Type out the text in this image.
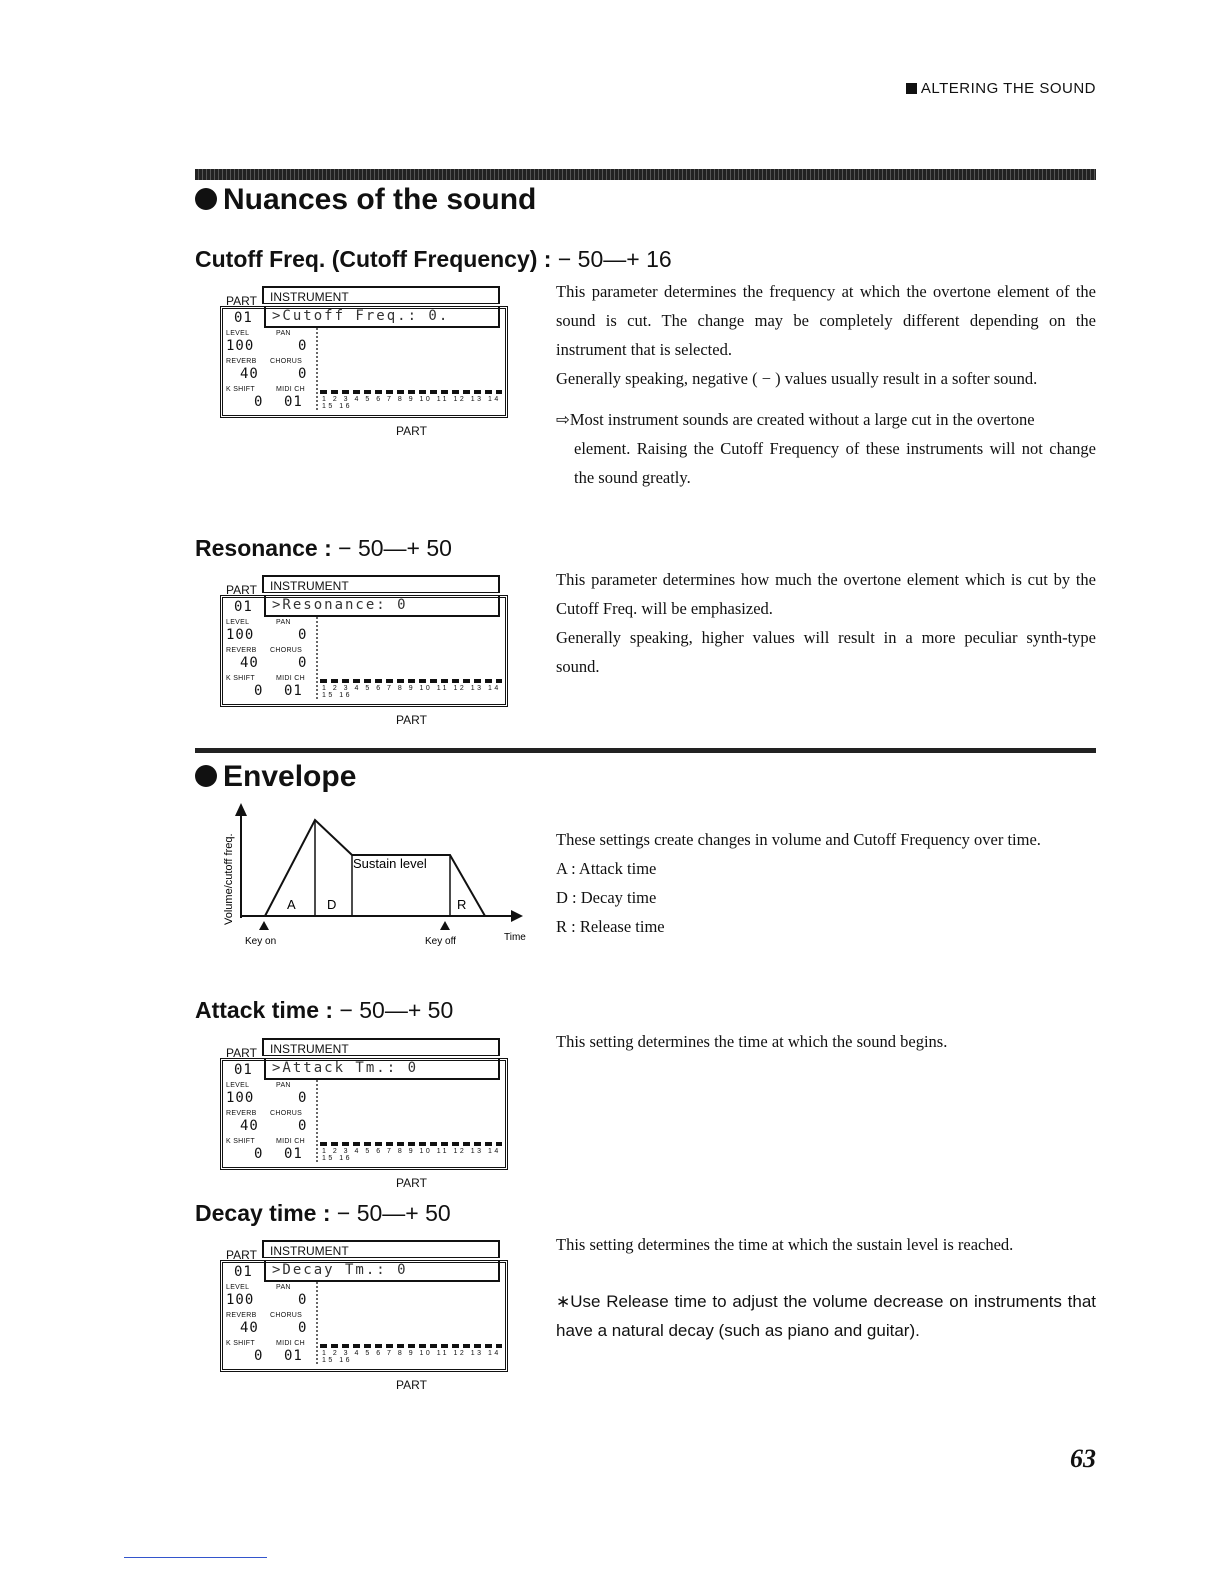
ALTERING THE SOUND
Nuances of the sound
Cutoff Freq. (Cutoff Frequency) : − 50—+ 16
PART	INSTRUMENT
01	>Cutoff Freq.: 0.
LEVEL	PAN
100	0
REVERB CHORUS
40	0
K SHIFT	MIDI CH
0 01	1 2 3 4 5 6 7 8 9 10 11 12 13 14 15 16
PART

This parameter determines the frequency at which the overtone element of the sound is cut. The change may be completely different depending on the instrument that is selected.

Generally speaking, negative ( − ) values usually result in a softer sound.

⇨Most instrument sounds are created without a large cut in the overtone

element. Raising the Cutoff Frequency of these instruments will not change the sound greatly.

Resonance : − 50—+ 50
PART	INSTRUMENT
01	>Resonance: 0
LEVEL	PAN
100	0
REVERB CHORUS
40	0
K SHIFT	MIDI CH
0 01	1 2 3 4 5 6 7 8 9 10 11 12 13 14 15 16
PART

This parameter determines how much the overtone element which is cut by the Cutoff Freq. will be emphasized.

Generally speaking, higher values will result in a more peculiar synth-type sound.

Envelope
Sustain level
A D	R
Key on	Key off	Time
Volume/cutoff freq.	These settings create changes in volume and Cutoff Frequency over time.

A : Attack time

D : Decay time

R : Release time

Attack time : − 50—+ 50
PART	INSTRUMENT
01	>Attack Tm.: 0
LEVEL	PAN
100	0
REVERB CHORUS
40	0
K SHIFT	MIDI CH
0 01	1 2 3 4 5 6 7 8 9 10 11 12 13 14 15 16
PART

This setting determines the time at which the sound begins.

Decay time : − 50—+ 50
PART	INSTRUMENT
01	>Decay Tm.: 0
LEVEL	PAN
100	0
REVERB CHORUS
40	0
K SHIFT	MIDI CH
0 01	1 2 3 4 5 6 7 8 9 10 11 12 13 14 15 16
PART

This setting determines the time at which the sustain level is reached.

∗Use Release time to adjust the volume decrease on instruments that have a natural decay (such as piano and guitar).

63
